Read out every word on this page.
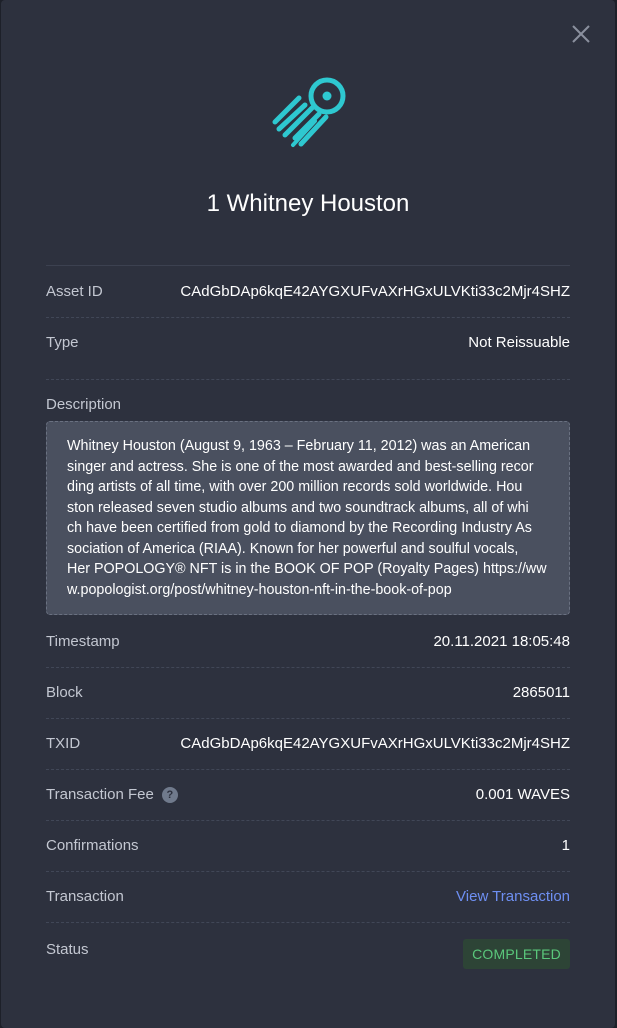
1 Whitney Houston
Asset ID	CAdGbDAp6kqE42AYGXUFvAXrHGxULVKti33c2Mjr4SHZ
Type	Not Reissuable
Description
Whitney Houston (August 9, 1963 – February 11, 2012) was an American
singer and actress. She is one of the most awarded and best-selling recor
ding artists of all time, with over 200 million records sold worldwide. Hou
ston released seven studio albums and two soundtrack albums, all of whi
ch have been certified from gold to diamond by the Recording Industry As
sociation of America (RIAA). Known for her powerful and soulful vocals,
Her POPOLOGY® NFT is in the BOOK OF POP (Royalty Pages) https://ww
w.popologist.org/post/whitney-houston-nft-in-the-book-of-pop
Timestamp	20.11.2021 18:05:48
Block	2865011
TXID	CAdGbDAp6kqE42AYGXUFvAXrHGxULVKti33c2Mjr4SHZ
Transaction Fee	?	0.001 WAVES
Confirmations	1
Transaction	View Transaction
Status	COMPLETED
